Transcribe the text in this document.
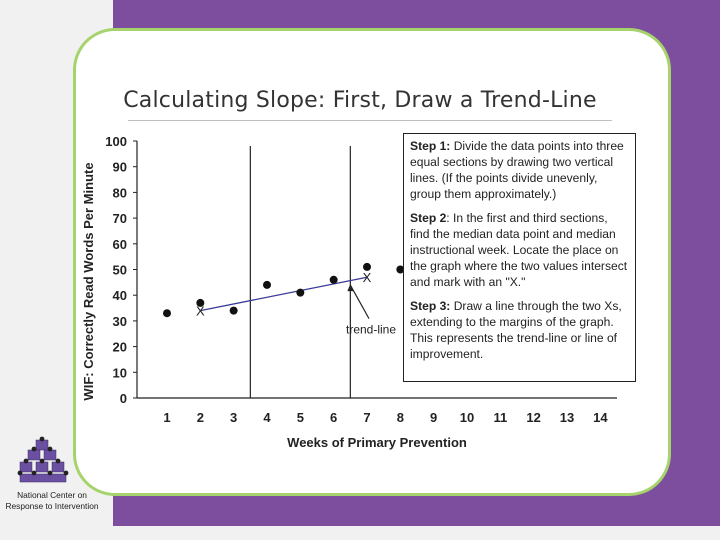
Calculating Slope: First, Draw a Trend-Line
0
10
20
30
40
50
60
70
80
90
100
1 2 3 4 5 6 7 8 9 10 11 12 13 14
Weeks of Primary Prevention
WIF: Correctly Read Words Per Minute	X
X
trend-line

Step 1: Divide the data points into three equal sections by drawing two vertical lines. (If the points divide unevenly, group them approximately.)

Step 2: In the first and third sections, find the median data point and median instructional week. Locate the place on the graph where the two values intersect and mark with an "X."

Step 3: Draw a line through the two Xs, extending to the margins of the graph. This represents the trend-line or line of improvement.

National Center on Response to Intervention
